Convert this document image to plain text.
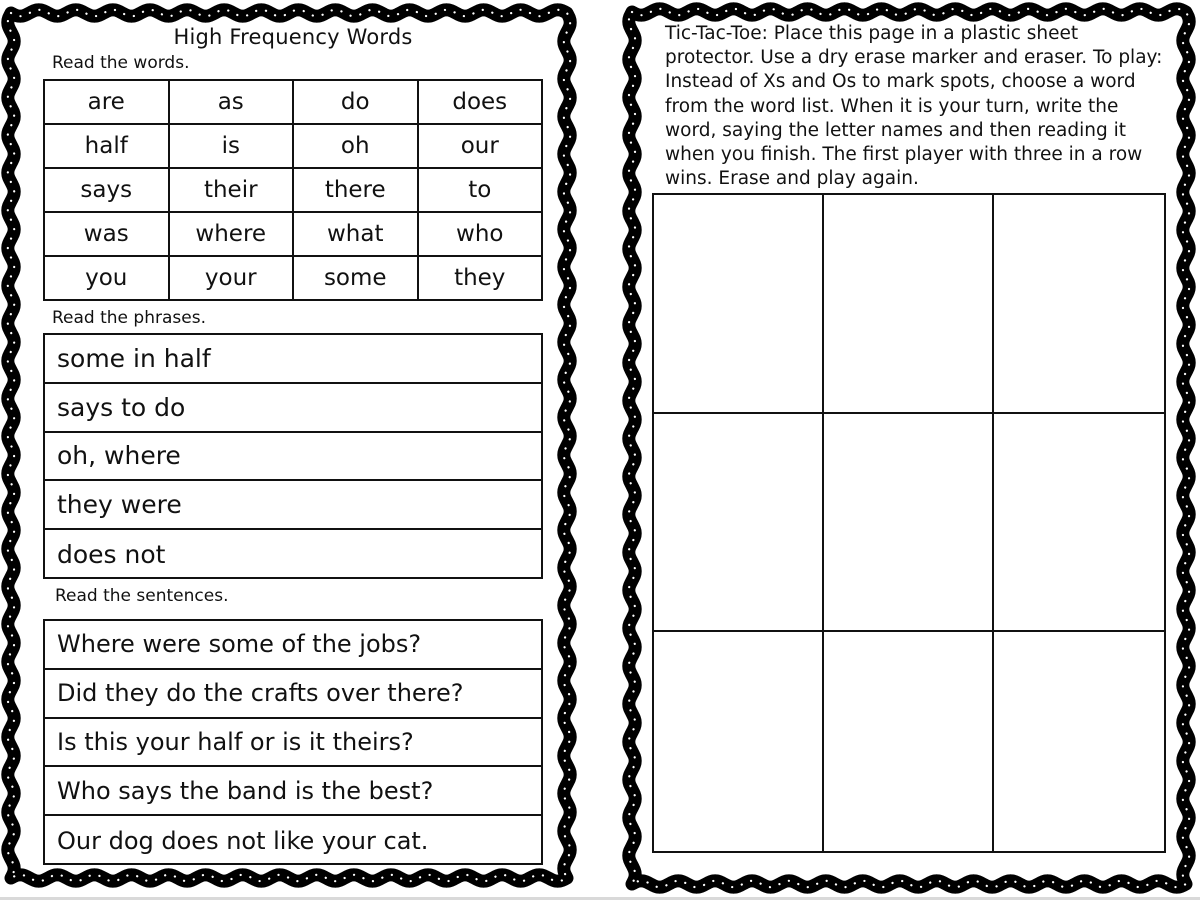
High Frequency Words
Read the words.
are	as	do	does
half	is	oh	our
says	their	there	to
was	where	what	who
you	your	some	they
Read the phrases.
some in half
says to do
oh, where
they were
does not
Read the sentences.
Where were some of the jobs?
Did they do the crafts over there?
Is this your half or is it theirs?
Who says the band is the best?
Our dog does not like your cat.
Tic-Tac-Toe: Place this page in a plastic sheet protector. Use a dry erase marker and eraser. To play: Instead of Xs and Os to mark spots, choose a word from the word list. When it is your turn, write the word, saying the letter names and then reading it when you finish. The first player with three in a row wins. Erase and play again.
